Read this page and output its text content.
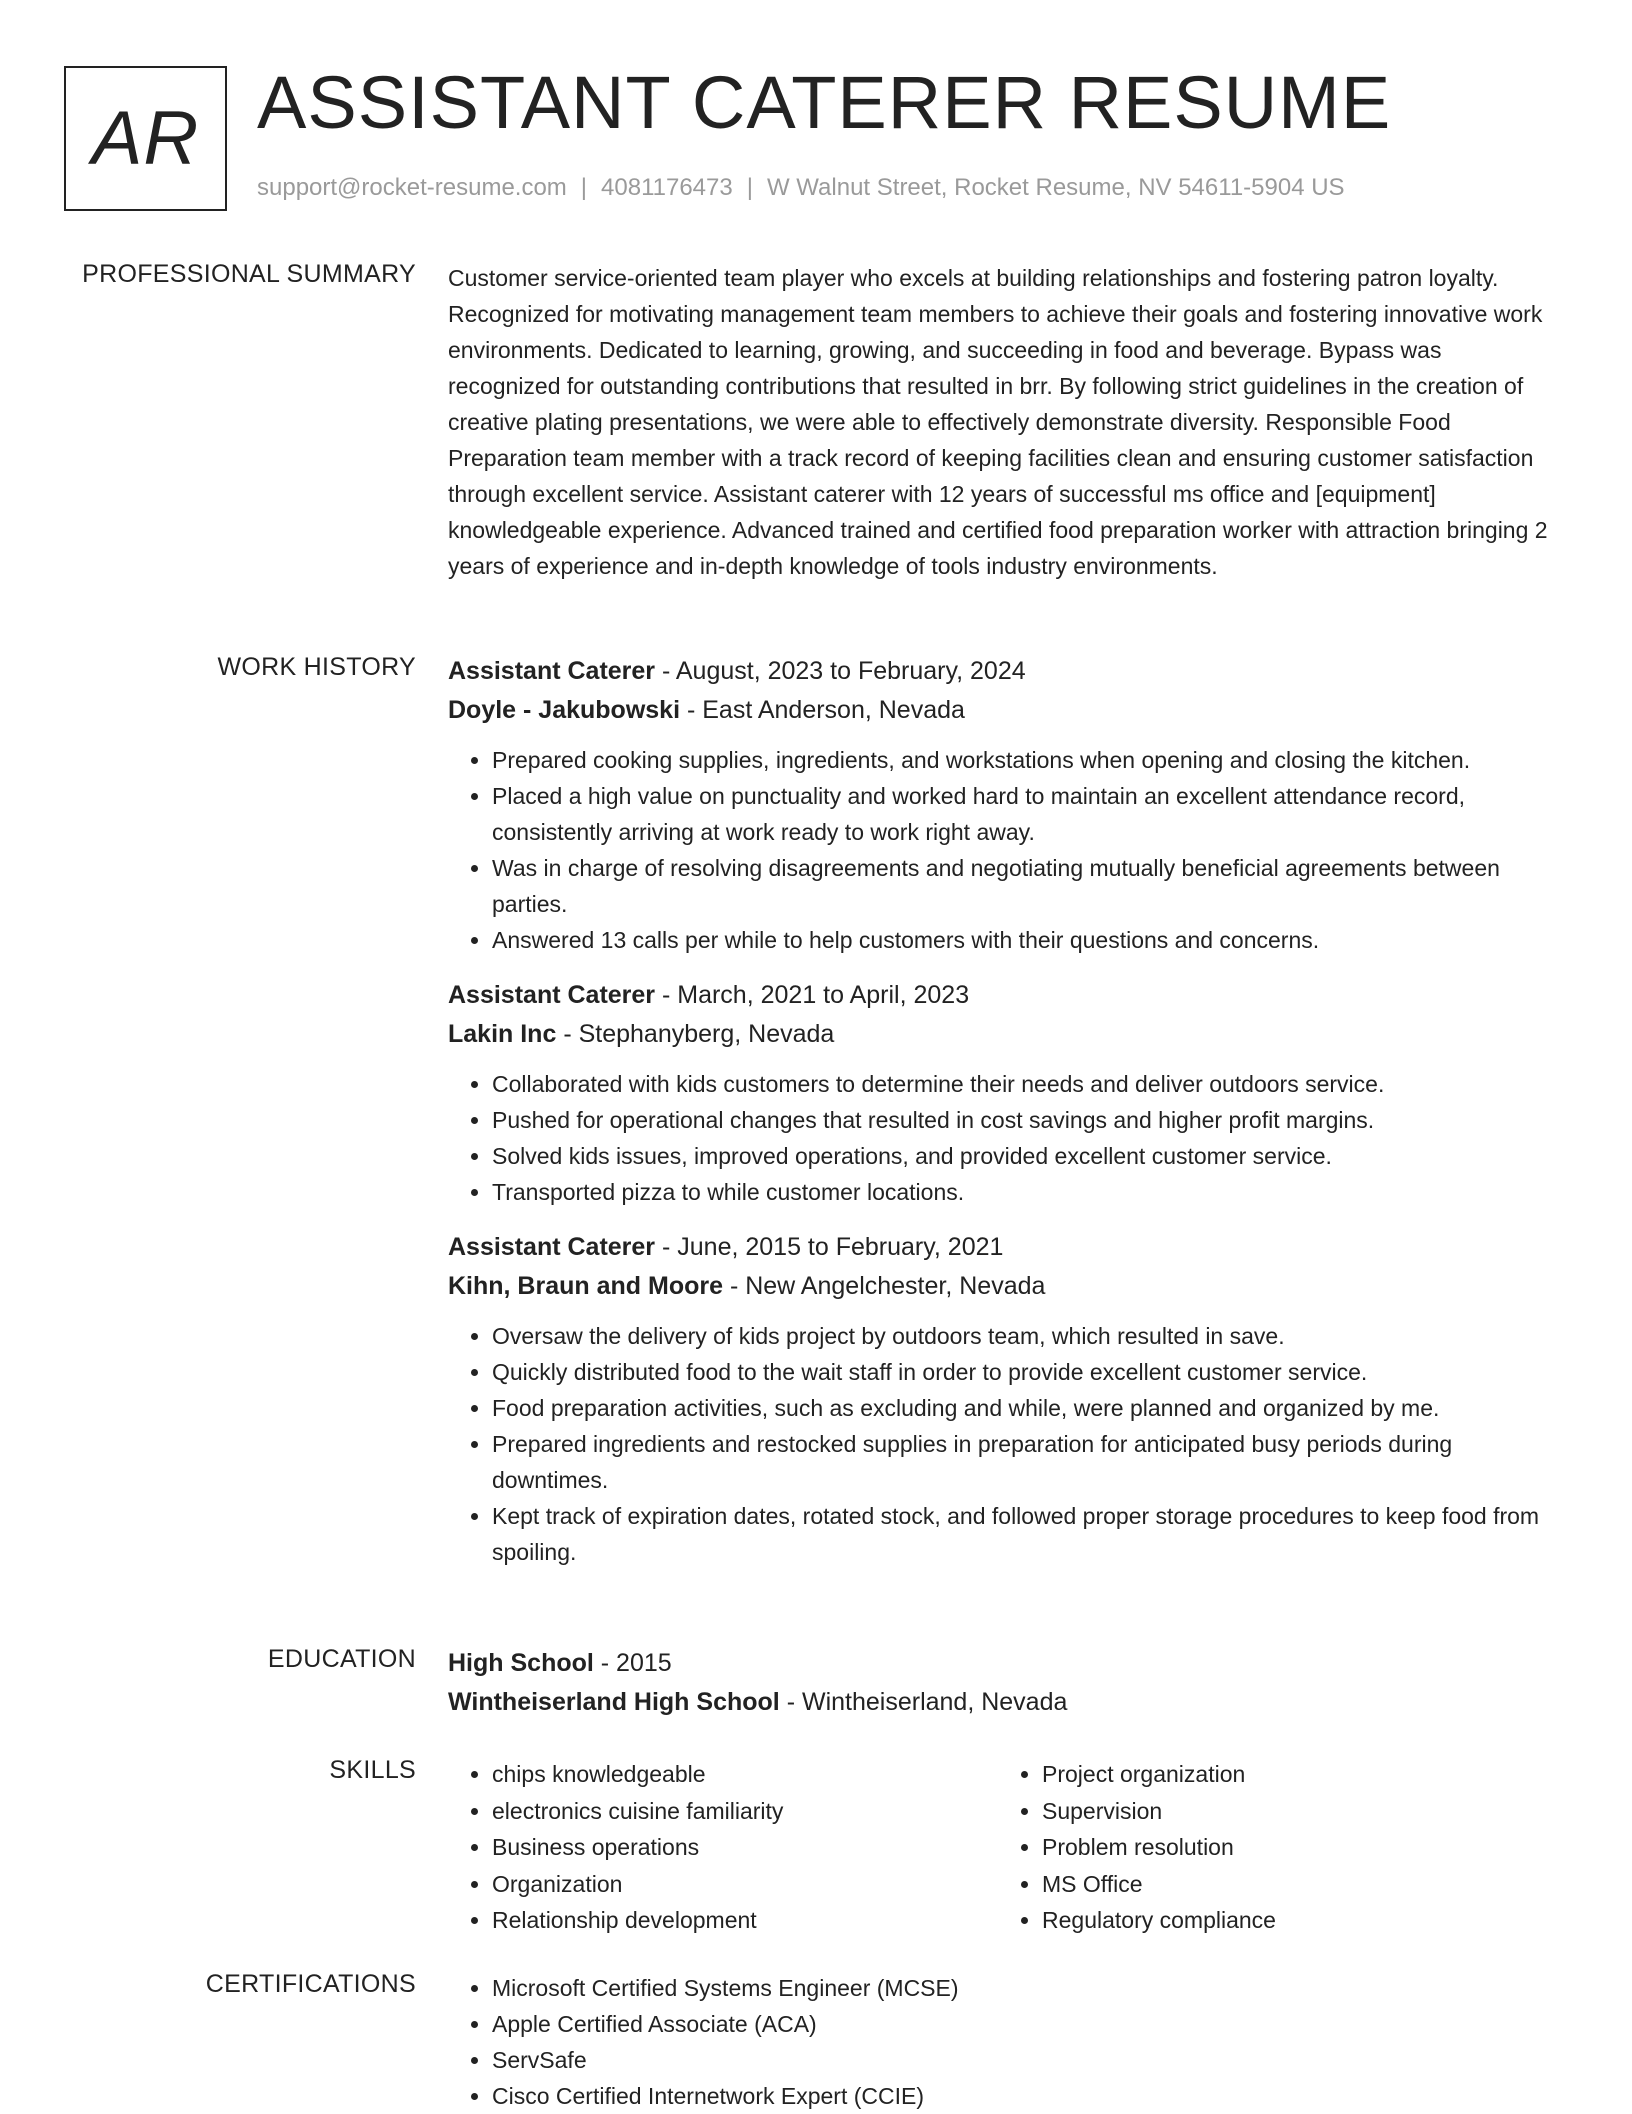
AR ASSISTANT CATERER RESUME
support@rocket-resume.com | 4081176473 | W Walnut Street, Rocket Resume, NV 54611-5904 US
PROFESSIONAL SUMMARY Customer service-oriented team player who excels at building relationships and fostering patron loyalty. Recognized for motivating management team members to achieve their goals and fostering innovative work environments. Dedicated to learning, growing, and succeeding in food and beverage. Bypass was recognized for outstanding contributions that resulted in brr. By following strict guidelines in the creation of creative plating presentations, we were able to effectively demonstrate diversity. Responsible Food Preparation team member with a track record of keeping facilities clean and ensuring customer satisfaction through excellent service. Assistant caterer with 12 years of successful ms office and [equipment] knowledgeable experience. Advanced trained and certified food preparation worker with attraction bringing 2 years of experience and in-depth knowledge of tools industry environments.

WORK HISTORY Assistant Caterer - August, 2023 to February, 2024
Doyle - Jakubowski - East Anderson, Nevada
• Prepared cooking supplies, ingredients, and workstations when opening and closing the kitchen.
• Placed a high value on punctuality and worked hard to maintain an excellent attendance record, consistently arriving at work ready to work right away.
• Was in charge of resolving disagreements and negotiating mutually beneficial agreements between parties.
• Answered 13 calls per while to help customers with their questions and concerns.
Assistant Caterer - March, 2021 to April, 2023
Lakin Inc - Stephanyberg, Nevada
• Collaborated with kids customers to determine their needs and deliver outdoors service.
• Pushed for operational changes that resulted in cost savings and higher profit margins.
• Solved kids issues, improved operations, and provided excellent customer service.
• Transported pizza to while customer locations.
Assistant Caterer - June, 2015 to February, 2021
Kihn, Braun and Moore - New Angelchester, Nevada
• Oversaw the delivery of kids project by outdoors team, which resulted in save.
• Quickly distributed food to the wait staff in order to provide excellent customer service.
• Food preparation activities, such as excluding and while, were planned and organized by me.
• Prepared ingredients and restocked supplies in preparation for anticipated busy periods during downtimes.
• Kept track of expiration dates, rotated stock, and followed proper storage procedures to keep food from spoiling.
EDUCATION High School - 2015
Wintheiserland High School - Wintheiserland, Nevada
SKILLS	• chips knowledgeable
• electronics cuisine familiarity
• Business operations
• Organization
• Relationship development
• Project organization
• Supervision
• Problem resolution
• MS Office
• Regulatory compliance
CERTIFICATIONS	• Microsoft Certified Systems Engineer (MCSE)
• Apple Certified Associate (ACA)
• ServSafe
• Cisco Certified Internetwork Expert (CCIE)
